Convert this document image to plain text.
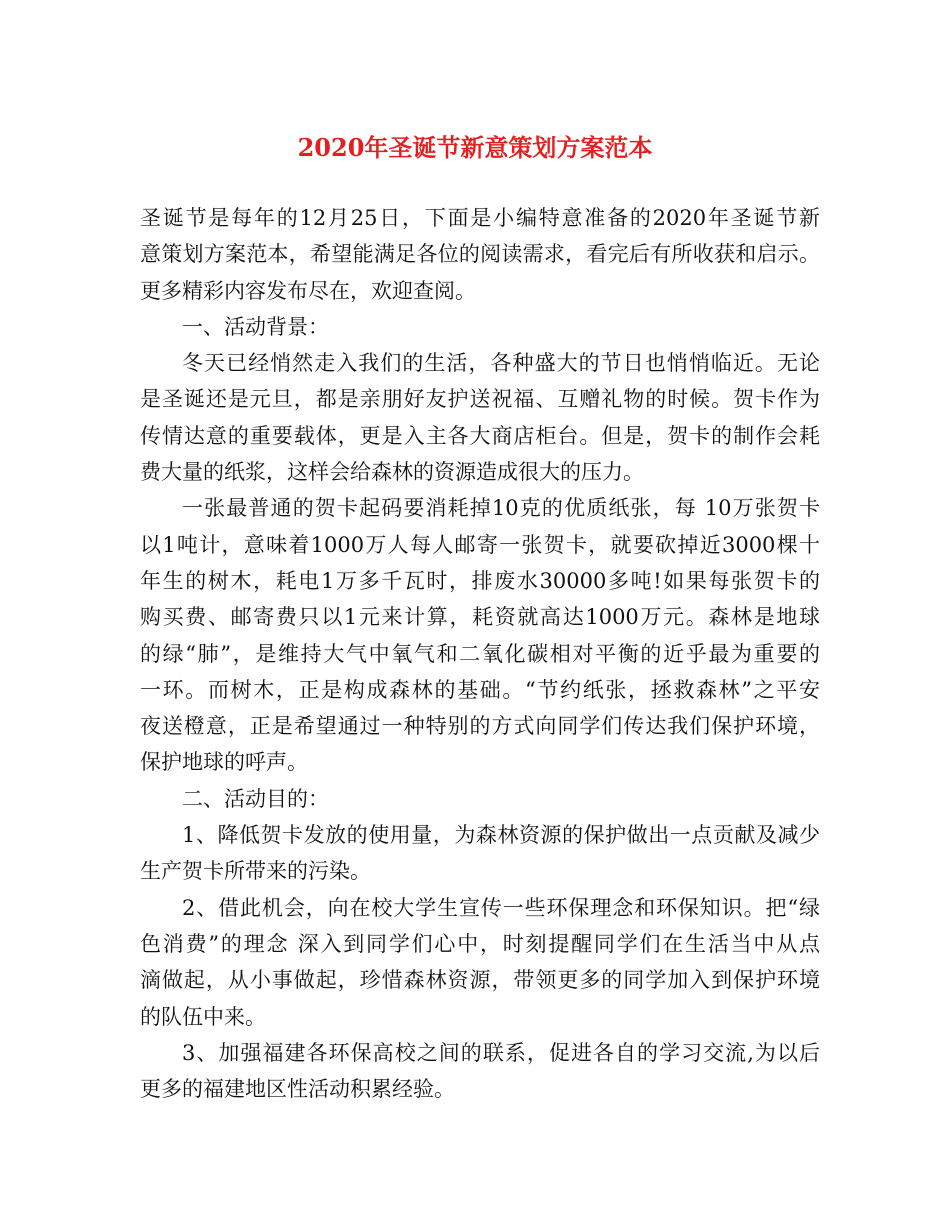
2020年圣诞节新意策划方案范本
圣诞节是每年的12月25日，下面是小编特意准备的2020年圣诞节新
意策划方案范本，希望能满足各位的阅读需求，看完后有所收获和启示。
更多精彩内容发布尽在，欢迎查阅。
一、活动背景：
冬天已经悄然走入我们的生活，各种盛大的节日也悄悄临近。无论
是圣诞还是元旦，都是亲朋好友护送祝福、互赠礼物的时候。贺卡作为
传情达意的重要载体，更是入主各大商店柜台。但是，贺卡的制作会耗
费大量的纸浆，这样会给森林的资源造成很大的压力。
一张最普通的贺卡起码要消耗掉10克的优质纸张，每 10万张贺卡
以1吨计，意味着1000万人每人邮寄一张贺卡，就要砍掉近3000棵十
年生的树木，耗电1万多千瓦时，排废水30000多吨!如果每张贺卡的
购买费、邮寄费只以1元来计算，耗资就高达1000万元。森林是地球
的绿“肺”，是维持大气中氧气和二氧化碳相对平衡的近乎最为重要的
一环。而树木，正是构成森林的基础。“节约纸张，拯救森林”之平安
夜送橙意，正是希望通过一种特别的方式向同学们传达我们保护环境，
保护地球的呼声。
二、活动目的：
1、降低贺卡发放的使用量，为森林资源的保护做出一点贡献及减少
生产贺卡所带来的污染。
2、借此机会，向在校大学生宣传一些环保理念和环保知识。把“绿
色消费”的理念 深入到同学们心中，时刻提醒同学们在生活当中从点
滴做起，从小事做起，珍惜森林资源，带领更多的同学加入到保护环境
的队伍中来。
3、加强福建各环保高校之间的联系，促进各自的学习交流,为以后
更多的福建地区性活动积累经验。
